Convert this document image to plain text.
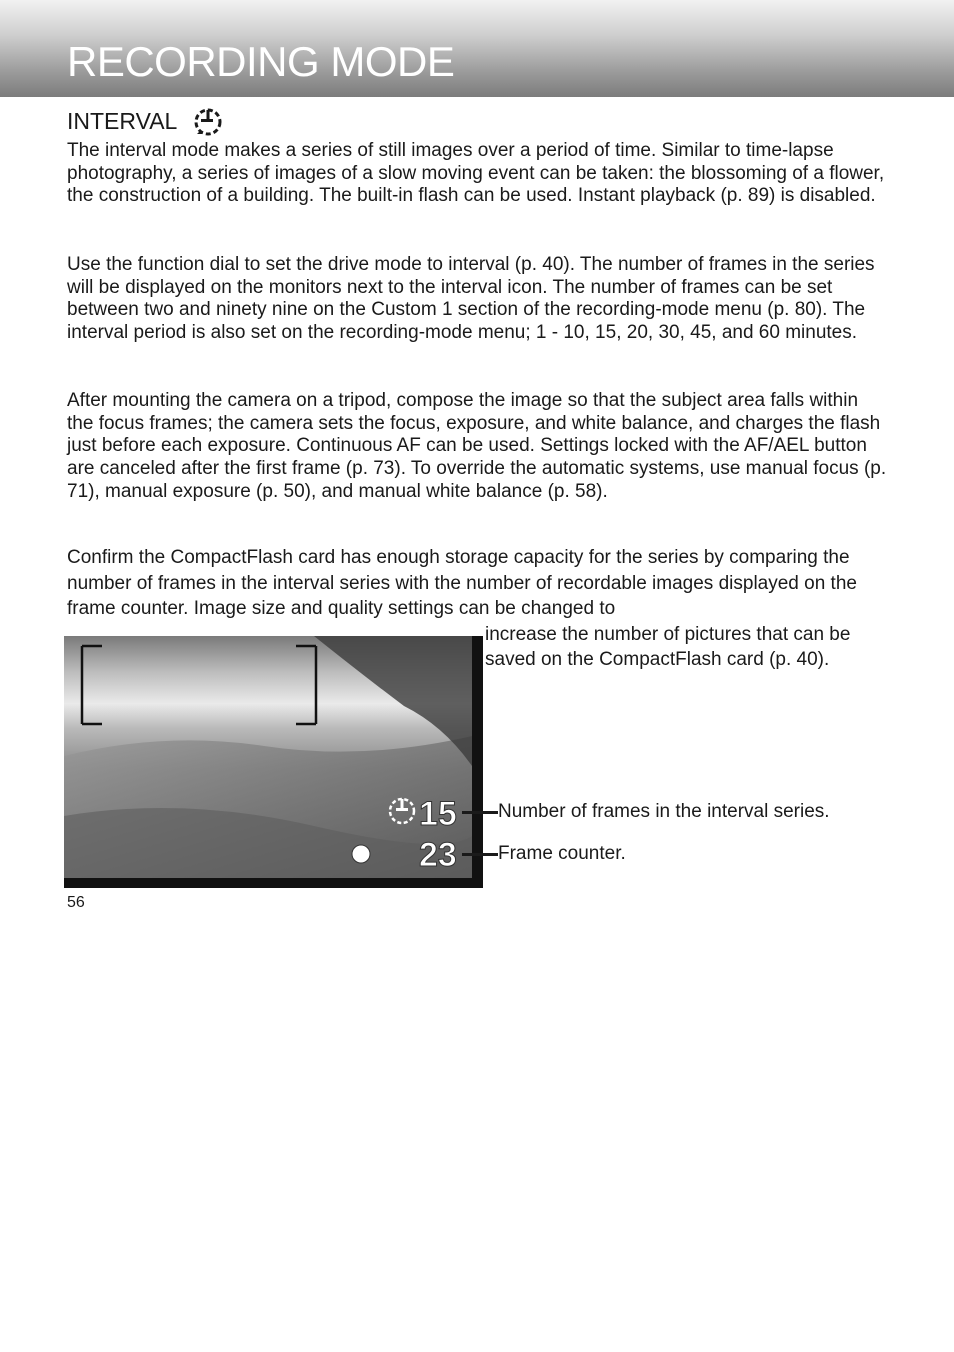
RECORDING MODE
INTERVAL

The interval mode makes a series of still images over a period of time. Similar to time-lapse photography, a series of images of a slow moving event can be taken: the blossoming of a flower, the construction of a building. The built-in flash can be used. Instant playback (p. 89) is disabled.

Use the function dial to set the drive mode to interval (p. 40). The number of frames in the series will be displayed on the monitors next to the interval icon. The number of frames can be set between two and ninety nine on the Custom 1 section of the recording-mode menu (p. 80). The interval period is also set on the recording-mode menu; 1 - 10, 15, 20, 30, 45, and 60 minutes.

After mounting the camera on a tripod, compose the image so that the subject area falls within the focus frames; the camera sets the focus, exposure, and white balance, and charges the flash just before each exposure. Continuous AF can be used. Settings locked with the AF/AEL button are canceled after the first frame (p. 73). To override the automatic systems, use manual focus (p. 71), manual exposure (p. 50), and manual white balance (p. 58).

Confirm the CompactFlash card has enough storage capacity for the series by comparing the number of frames in the interval series with the number of recordable images displayed on the frame counter. Image size and quality settings can be changed to

increase the number of pictures that can be saved on the CompactFlash card (p. 40).

15
23
Number of frames in the interval series.
Frame counter.
56
